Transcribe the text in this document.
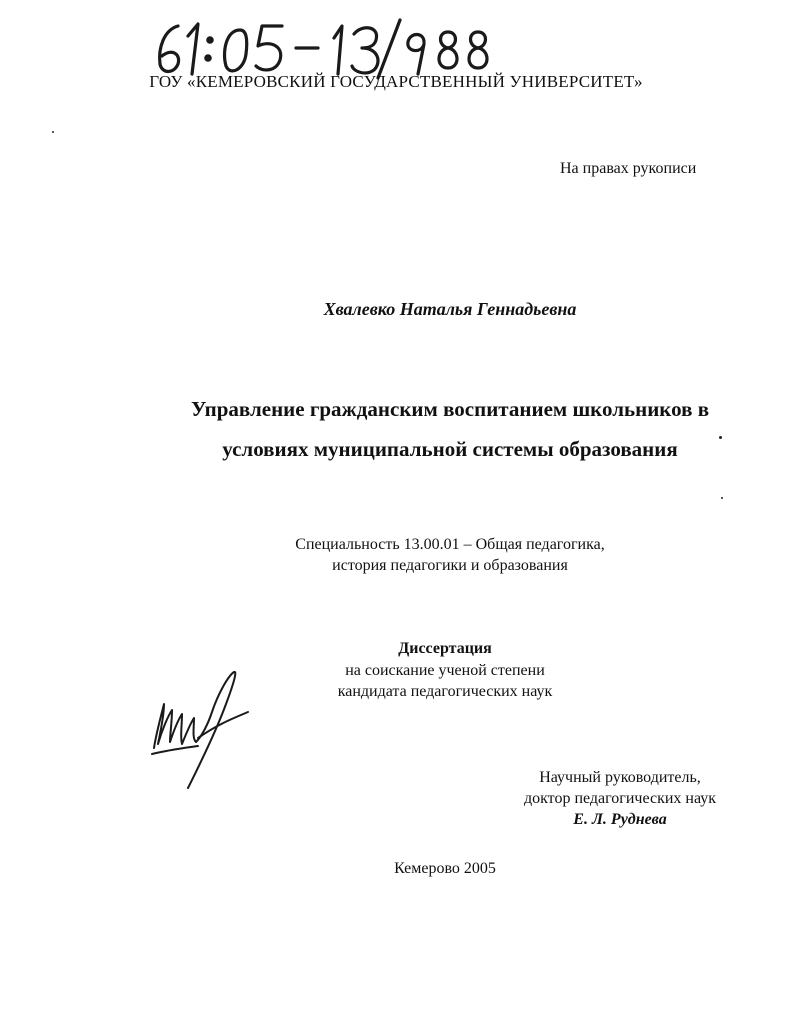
ГОУ «КЕМЕРОВСКИЙ ГОСУДАРСТВЕННЫЙ УНИВЕРСИТЕТ»
На правах рукописи
Хвалевко Наталья Геннадьевна
Управление гражданским воспитанием школьников в
условиях муниципальной системы образования
Специальность 13.00.01 – Общая педагогика,
история педагогики и образования
Диссертация
на соискание ученой степени
кандидата педагогических наук
Научный руководитель,
доктор педагогических наук
Е. Л. Руднева
Кемерово 2005
